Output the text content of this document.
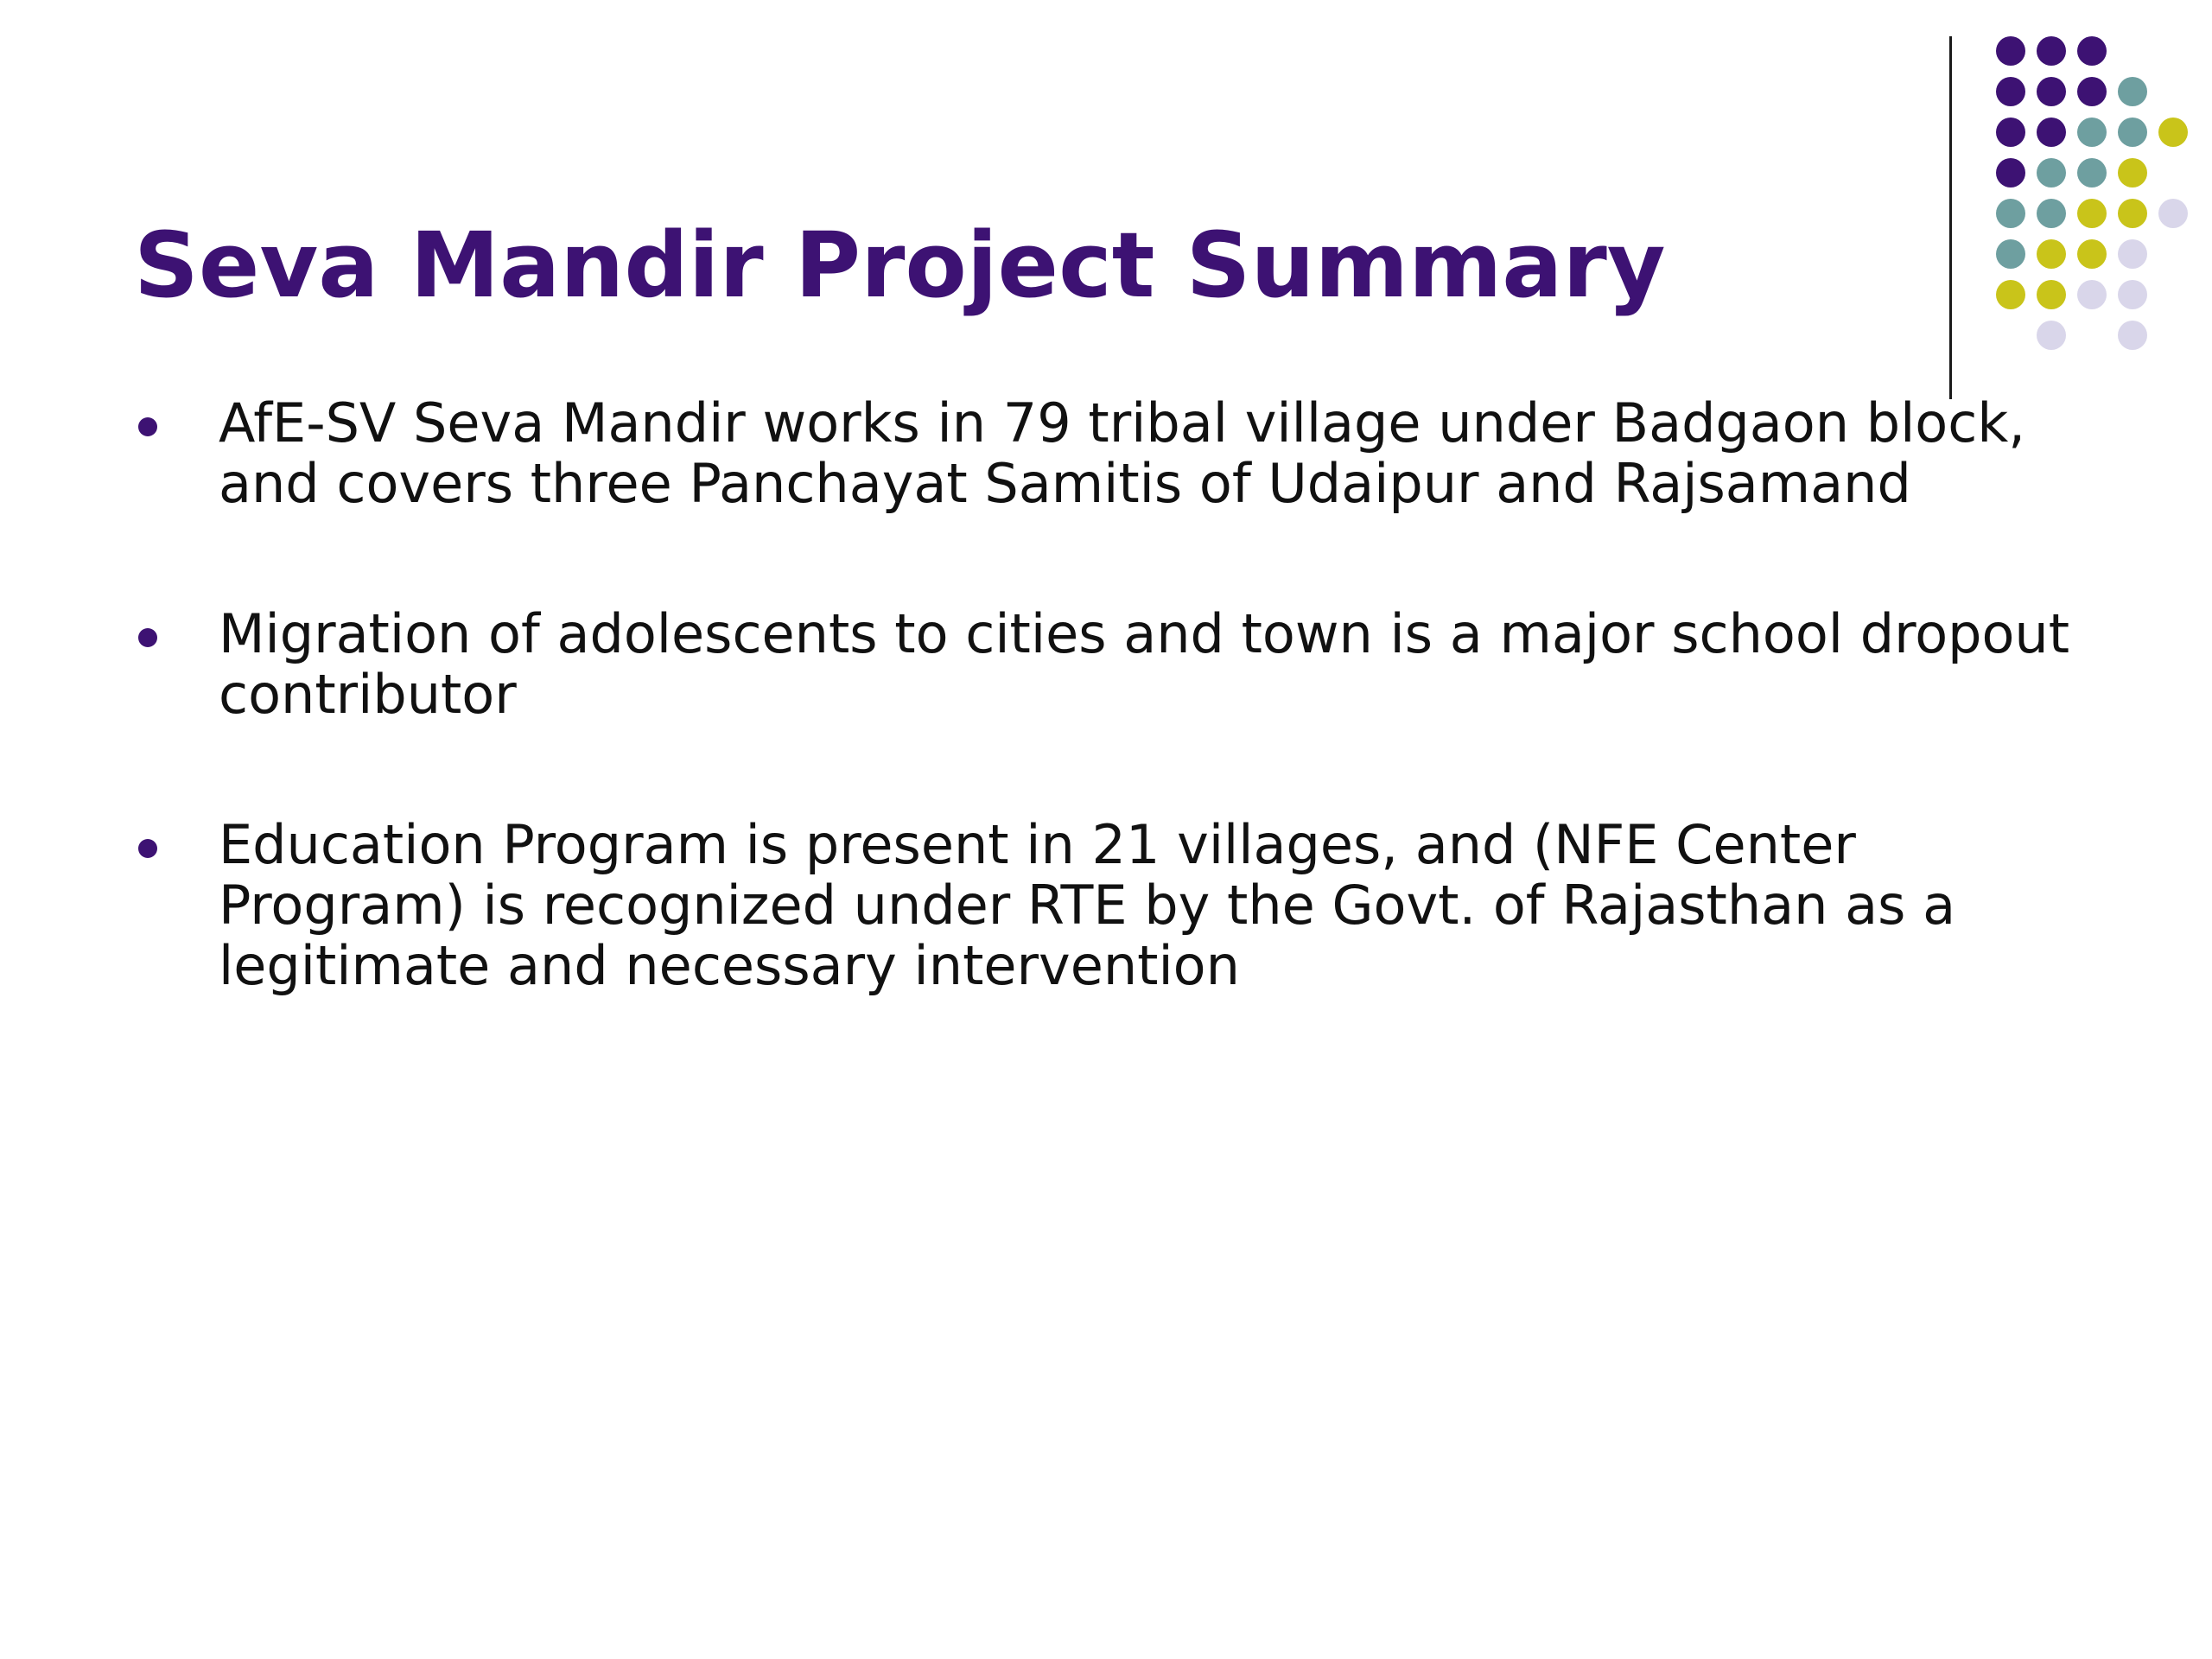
Seva Mandir Project Summary
AfE-SV Seva Mandir works in 79 tribal village under Badgaon block, and covers three Panchayat Samitis of Udaipur and Rajsamand
Migration of adolescents to cities and town is a major school dropout contributor
Education Program is present in 21 villages, and (NFE Center Program) is recognized under RTE by the Govt. of Rajasthan as a legitimate and necessary intervention
